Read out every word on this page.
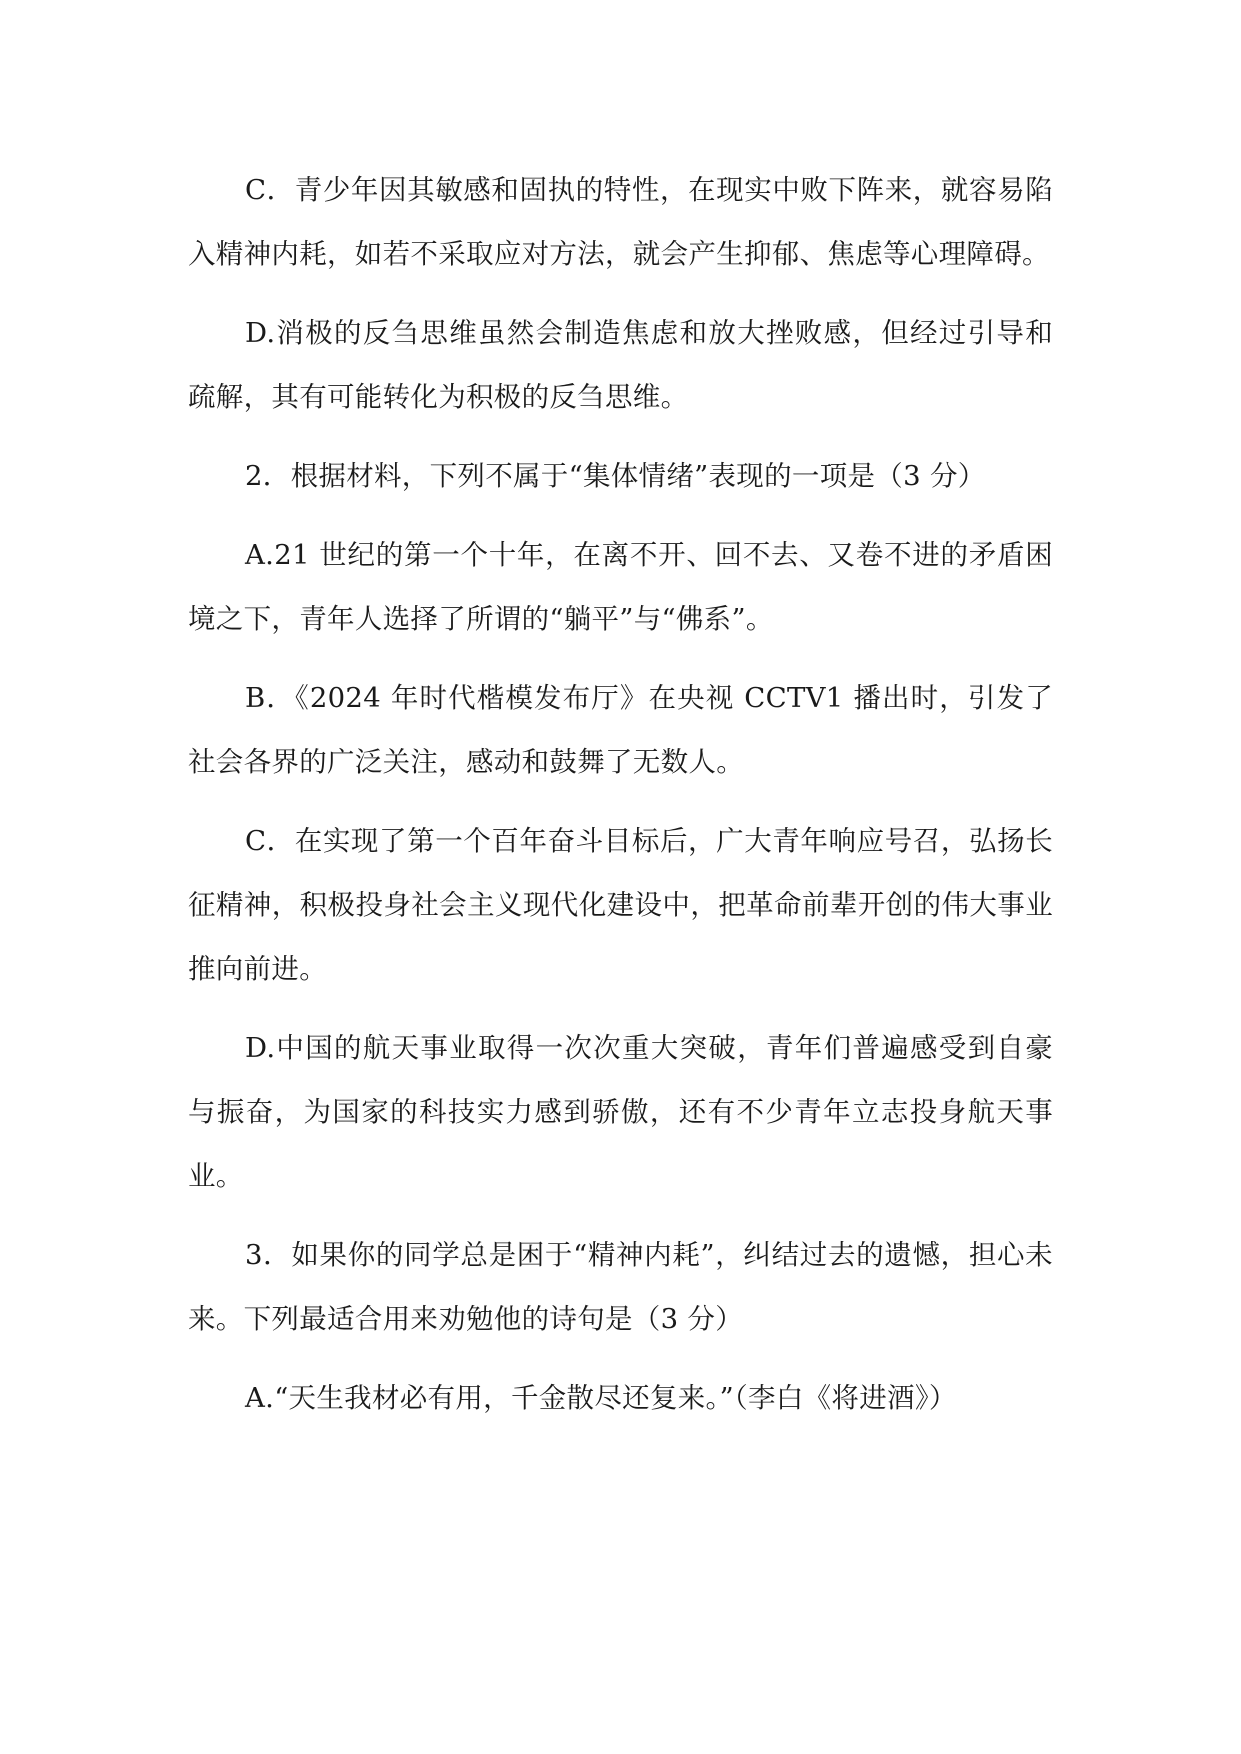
C．青少年因其敏感和固执的特性，在现实中败下阵来，就容易陷入精神内耗，如若不采取应对方法，就会产生抑郁、焦虑等心理障碍。

D.消极的反刍思维虽然会制造焦虑和放大挫败感，但经过引导和疏解，其有可能转化为积极的反刍思维。

2．根据材料，下列不属于“集体情绪”表现的一项是（3 分）

A.21 世纪的第一个十年，在离不开、回不去、又卷不进的矛盾困境之下，青年人选择了所谓的“躺平”与“佛系”。

B．《2024 年时代楷模发布厅》在央视 CCTV1 播出时，引发了社会各界的广泛关注，感动和鼓舞了无数人。

C．在实现了第一个百年奋斗目标后，广大青年响应号召，弘扬长征精神，积极投身社会主义现代化建设中，把革命前辈开创的伟大事业推向前进。

D.中国的航天事业取得一次次重大突破，青年们普遍感受到自豪与振奋，为国家的科技实力感到骄傲，还有不少青年立志投身航天事业。

3．如果你的同学总是困于“精神内耗”，纠结过去的遗憾，担心未来。下列最适合用来劝勉他的诗句是（3 分）

A.“天生我材必有用，千金散尽还复来。”（李白《将进酒》）
